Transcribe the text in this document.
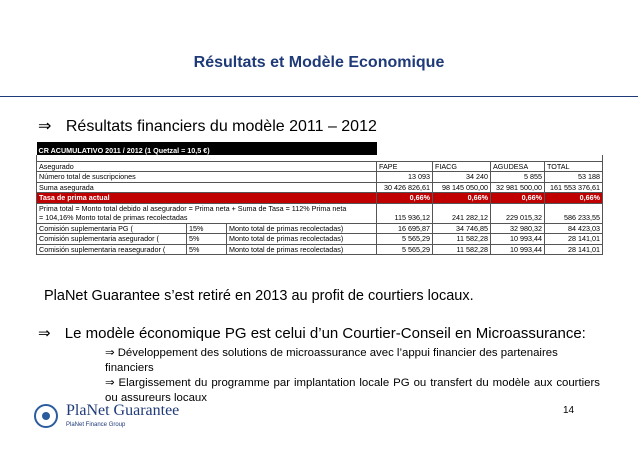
Résultats et Modèle Economique
⇒ Résultats financiers du modèle 2011 – 2012
CR ACUMULATIVO 2011 / 2012 (1 Quetzal = 10,5 €)						

Asegurado			FAPE	FIACG	AGUDESA	TOTAL
Número total de suscripciones			13 093	34 240	5 855	53 188
Suma asegurada			30 426 826,61	98 145 050,00	32 981 500,00	161 553 376,61
Tasa de prima actual			0,66%	0,66%	0,66%	0,66%

Prima total = Monto total debido al asegurador = Prima neta + Suma de Tasa = 112% Prima neta
= 104,16% Monto total de primas recolectadas			115 936,12	241 282,12	229 015,32	586 233,55
Comisión suplementaria PG (	15%	Monto total de primas recolectadas)	16 695,87	34 746,85	32 980,32	84 423,03
Comisión suplementaria asegurador (	5%	Monto total de primas recolectadas)	5 565,29	11 582,28	10 993,44	28 141,01
Comisión suplementaria reasegurador (	5%	Monto total de primas recolectadas)	5 565,29	11 582,28	10 993,44	28 141,01
PlaNet Guarantee s’est retiré en 2013 au profit de courtiers locaux.
⇒ Le modèle économique PG est celui d’un Courtier-Conseil en Microassurance:
⇒ Développement des solutions de microassurance avec l’appui financier des partenaires financiers
⇒ Elargissement du programme par implantation locale PG ou transfert du modèle aux courtiers ou assureurs locaux
PlaNet Guarantee
PlaNet Finance Group
14
